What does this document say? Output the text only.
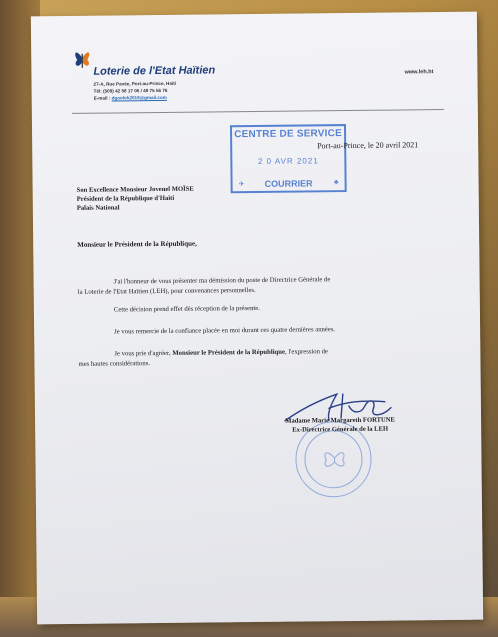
Loterie de l'Etat Haïtien
27-A, Rue Pavée, Port-au-Prince, Haïti
Tél: (509) 42 58 17 06 / 48 75 56 76
E-mail : dgooleh2019@gmail.com
www.leh.ht
CENTRE DE SERVICE
2 0 AVR 2021
✈	COURRIER	♣
Port-au-Prince, le 20 avril 2021
Son Excellence Monsieur Jovenel MOÏSE
Président de la République d'Haïti
Palais National
Monsieur le Président de la République,
J'ai l'honneur de vous présenter ma démission du poste de Directrice Générale de
la Loterie de l'Etat Haïtien (LEH), pour convenances personnelles.
Cette décision prend effet dès réception de la présente.
Je vous remercie de la confiance placée en moi durant ces quatre dernières années.
Je vous prie d'agréer, Monsieur le Président de la République, l'expression de
mes hautes considérations.
Madame Marie Margareth FORTUNE
Ex-Directrice Générale de la LEH
